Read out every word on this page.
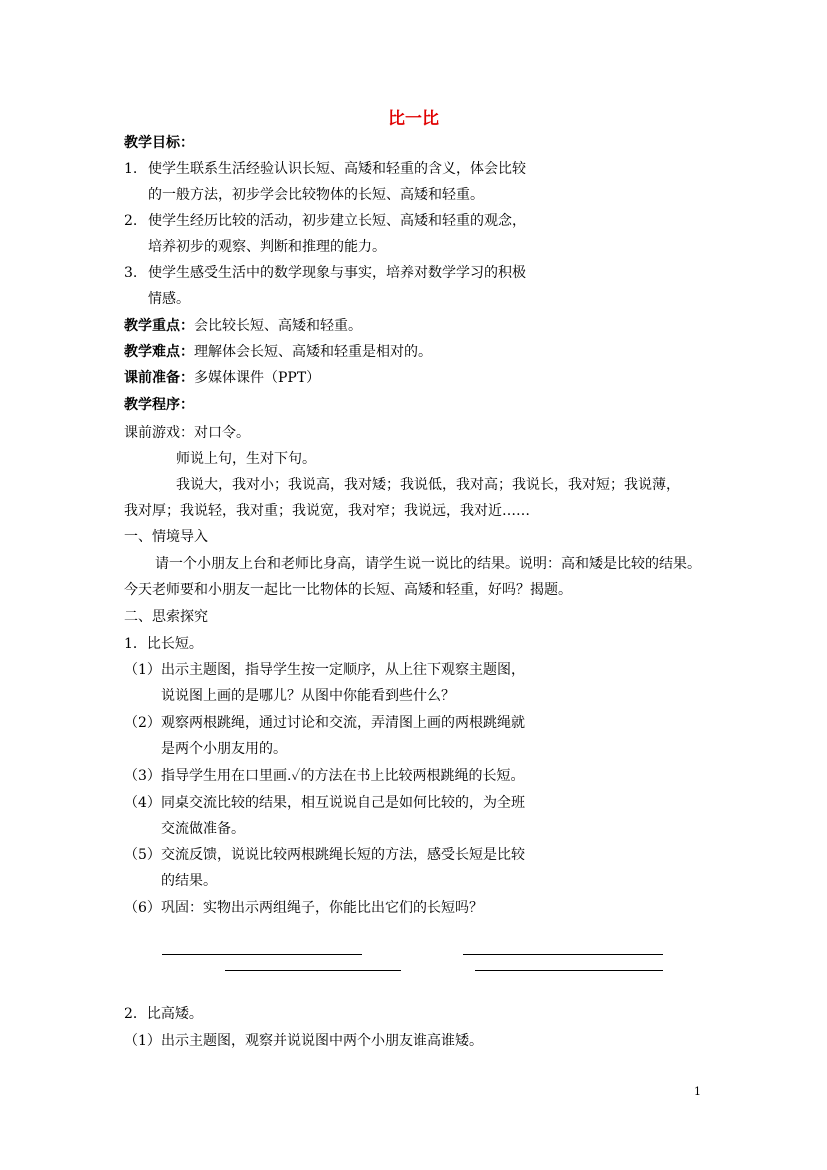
比一比
教学目标：
1. 使学生联系生活经验认识长短、高矮和轻重的含义，体会比较
的一般方法，初步学会比较物体的长短、高矮和轻重。
2. 使学生经历比较的活动，初步建立长短、高矮和轻重的观念，
培养初步的观察、判断和推理的能力。
3. 使学生感受生活中的数学现象与事实，培养对数学学习的积极
情感。
教学重点：会比较长短、高矮和轻重。
教学难点：理解体会长短、高矮和轻重是相对的。
课前准备：多媒体课件（PPT）
教学程序：
课前游戏：对口令。
师说上句，生对下句。
我说大，我对小；我说高，我对矮；我说低，我对高；我说长，我对短；我说薄，
我对厚；我说轻，我对重；我说宽，我对窄；我说远，我对近……
一、情境导入
请一个小朋友上台和老师比身高，请学生说一说比的结果。说明：高和矮是比较的结果。
今天老师要和小朋友一起比一比物体的长短、高矮和轻重，好吗？揭题。
二、思索探究
1．比长短。
（1） 出示主题图，指导学生按一定顺序，从上往下观察主题图，
说说图上画的是哪儿？从图中你能看到些什么？
（2） 观察两根跳绳，通过讨论和交流，弄清图上画的两根跳绳就
是两个小朋友用的。
（3） 指导学生用在口里画.✓的方法在书上比较两根跳绳的长短。
（4） 同桌交流比较的结果，相互说说自己是如何比较的，为全班
交流做准备。
（5） 交流反馈，说说比较两根跳绳长短的方法，感受长短是比较
的结果。
（6） 巩固：实物出示两组绳子，你能比出它们的长短吗？
2．比高矮。
（1） 出示主题图，观察并说说图中两个小朋友谁高谁矮。
1
